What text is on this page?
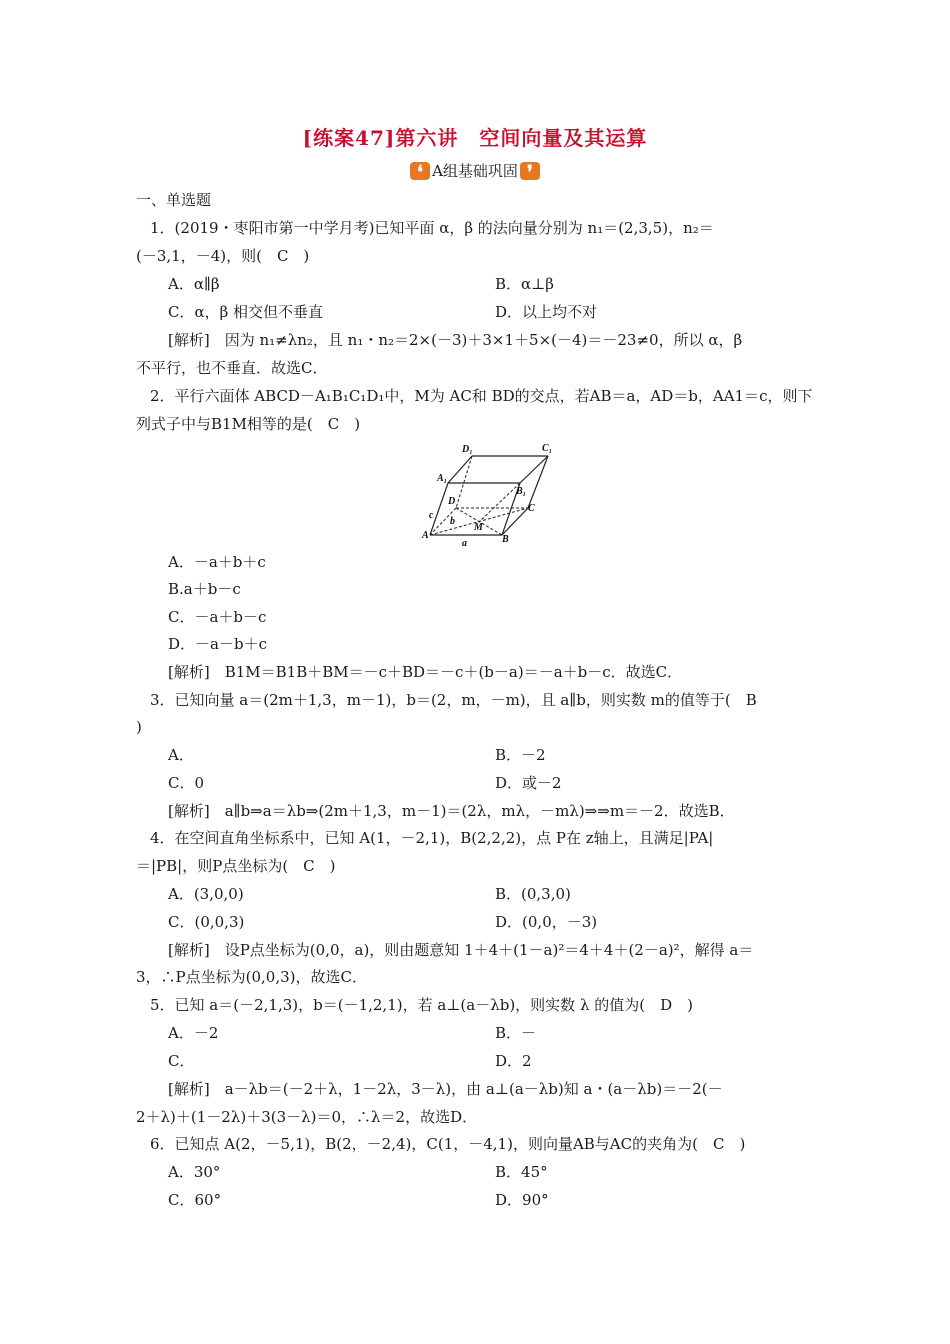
[练案47]第六讲　空间向量及其运算
❛ A组基础巩固 ❜
一、单选题
1．(2019・枣阳市第一中学月考)已知平面 α，β 的法向量分别为 n₁＝(2,3,5)，n₂＝
(－3,1，－4)，则(　C　)
A．α∥β	B．α⊥β
C．α，β 相交但不垂直	D．以上均不对
[解析]　因为 n₁≠λn₂，且 n₁・n₂＝2×(－3)＋3×1＋5×(－4)＝－23≠0，所以 α，β
不平行，也不垂直．故选C．
2．平行六面体 ABCD－A₁B₁C₁D₁中，M为 AC和 BD的交点，若AB＝a，AD＝b，AA1＝c，则下
列式子中与B1M相等的是(　C　)
D₁	C₁
A₁
B₁
D
C
b
c
M
A
a	B
A．－a＋b＋c
B.a＋b－c
C．－a＋b－c
D．－a－b＋c
[解析]　B1M＝B1B＋BM＝－c＋BD＝－c＋(b－a)＝－a＋b－c．故选C．
3．已知向量 a＝(2m＋1,3，m－1)，b＝(2，m，－m)，且 a∥b，则实数 m的值等于(　B
)
A．	B．－2
C．0	D．或－2
[解析]　a∥b⇒a＝λb⇒(2m＋1,3，m－1)＝(2λ，mλ，－mλ)⇒⇒m＝－2．故选B．
4．在空间直角坐标系中，已知 A(1，－2,1)，B(2,2,2)，点 P在 z轴上，且满足|PA|
＝|PB|，则P点坐标为(　C　)
A．(3,0,0)	B．(0,3,0)
C．(0,0,3)	D．(0,0，－3)
[解析]　设P点坐标为(0,0，a)，则由题意知 1＋4＋(1－a)²＝4＋4＋(2－a)²，解得 a＝
3，∴P点坐标为(0,0,3)，故选C．
5．已知 a＝(－2,1,3)，b＝(－1,2,1)，若 a⊥(a－λb)，则实数 λ 的值为(　D　)
A．－2	B．－
C．	D．2
[解析]　a－λb＝(－2＋λ，1－2λ，3－λ)，由 a⊥(a－λb)知 a・(a－λb)＝－2(－
2＋λ)＋(1－2λ)＋3(3－λ)＝0，∴λ＝2，故选D．
6．已知点 A(2，－5,1)，B(2，－2,4)，C(1，－4,1)，则向量AB与AC的夹角为(　C　)
A．30°	B．45°
C．60°	D．90°
